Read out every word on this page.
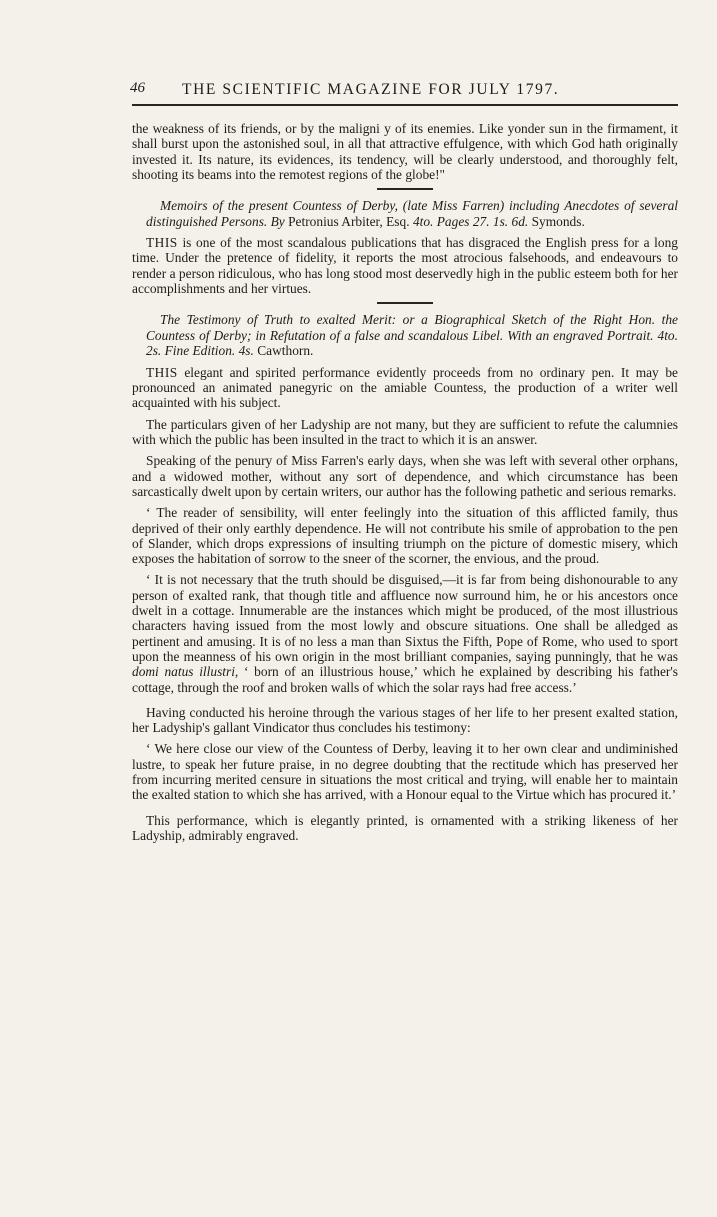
46 THE SCIENTIFIC MAGAZINE FOR JULY 1797.

the weakness of its friends, or by the maligni y of its enemies. Like yonder sun in the firmament, it shall burst upon the astonished soul, in all that attractive effulgence, with which God hath originally invested it. Its nature, its evidences, its tendency, will be clearly understood, and thoroughly felt, shooting its beams into the remotest regions of the globe!"

Memoirs of the present Countess of Derby, (late Miss Farren) including Anecdotes of several distinguished Persons. By Petronius Arbiter, Esq. 4to. Pages 27. 1s. 6d. Symonds.

THIS is one of the most scandalous publications that has disgraced the English press for a long time. Under the pretence of fidelity, it reports the most atrocious falsehoods, and endeavours to render a person ridiculous, who has long stood most deservedly high in the public esteem both for her accomplishments and her virtues.

The Testimony of Truth to exalted Merit: or a Biographical Sketch of the Right Hon. the Countess of Derby; in Refutation of a false and scandalous Libel. With an engraved Portrait. 4to. 2s. Fine Edition. 4s. Cawthorn.

THIS elegant and spirited performance evidently proceeds from no ordinary pen. It may be pronounced an animated panegyric on the amiable Countess, the production of a writer well acquainted with his subject.

The particulars given of her Ladyship are not many, but they are sufficient to refute the calumnies with which the public has been insulted in the tract to which it is an answer.

Speaking of the penury of Miss Farren's early days, when she was left with several other orphans, and a widowed mother, without any sort of dependence, and which circumstance has been sarcastically dwelt upon by certain writers, our author has the following pathetic and serious remarks.

‘ The reader of sensibility, will enter feelingly into the situation of this afflicted family, thus deprived of their only earthly dependence. He will not contribute his smile of approbation to the pen of Slander, which drops expressions of insulting triumph on the picture of domestic misery, which exposes the habitation of sorrow to the sneer of the scorner, the envious, and the proud.

‘ It is not necessary that the truth should be disguised,—it is far from being dishonourable to any person of exalted rank, that though title and affluence now surround him, he or his ancestors once dwelt in a cottage. Innumerable are the instances which might be produced, of the most illustrious characters having issued from the most lowly and obscure situations. One shall be alledged as pertinent and amusing. It is of no less a man than Sixtus the Fifth, Pope of Rome, who used to sport upon the meanness of his own origin in the most brilliant companies, saying punningly, that he was domi natus illustri, ‘ born of an illustrious house,’ which he explained by describing his father's cottage, through the roof and broken walls of which the solar rays had free access.’

Having conducted his heroine through the various stages of her life to her present exalted station, her Ladyship's gallant Vindicator thus concludes his testimony:

‘ We here close our view of the Countess of Derby, leaving it to her own clear and undiminished lustre, to speak her future praise, in no degree doubting that the rectitude which has preserved her from incurring merited censure in situations the most critical and trying, will enable her to maintain the exalted station to which she has arrived, with a Honour equal to the Virtue which has procured it.’

This performance, which is elegantly printed, is ornamented with a striking likeness of her Ladyship, admirably engraved.
